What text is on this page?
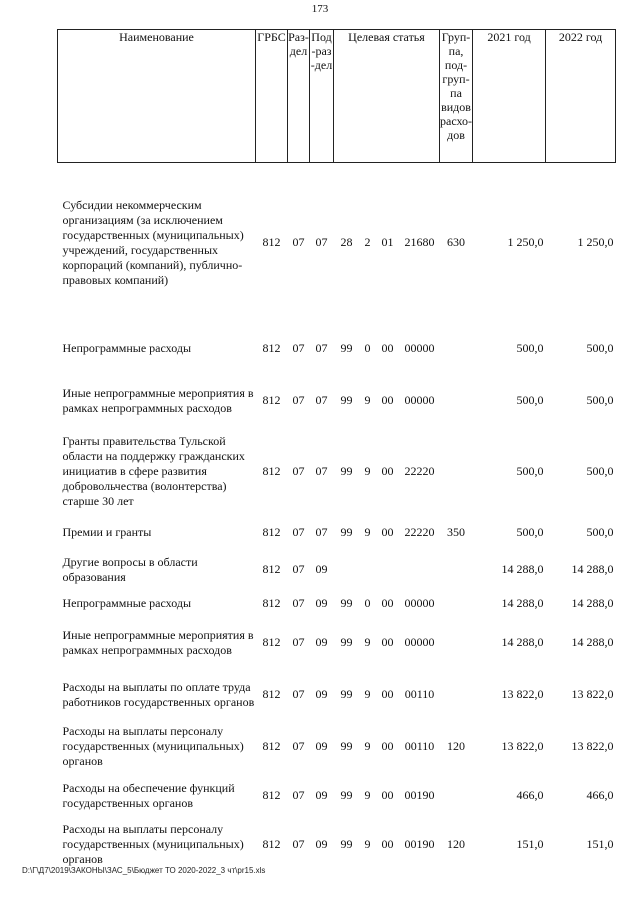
173
Наименование	ГРБС	Раз-дел	Под-раз-дел	Целевая статья				Груп-па, под-груп-па видов расхо-дов	2021 год	2022 год
Субсидии некоммерческим организациям (за исключением государственных (муниципальных) учреждений, государственных корпораций (компаний), публично-правовых компаний)	812	07	07	28	2	01	21680	630	1 250,0	1 250,0
Непрограммные расходы	812	07	07	99	0	00	00000		500,0	500,0
Иные непрограммные мероприятия в рамках непрограммных расходов	812	07	07	99	9	00	00000		500,0	500,0
Гранты правительства Тульской области на поддержку гражданских инициатив в сфере развития добровольчества (волонтерства) старше 30 лет	812	07	07	99	9	00	22220		500,0	500,0
Премии и гранты	812	07	07	99	9	00	22220	350	500,0	500,0
Другие вопросы в области образования	812	07	09						14 288,0	14 288,0
Непрограммные расходы	812	07	09	99	0	00	00000		14 288,0	14 288,0
Иные непрограммные мероприятия в рамках непрограммных расходов	812	07	09	99	9	00	00000		14 288,0	14 288,0
Расходы на выплаты по оплате труда работников государственных органов	812	07	09	99	9	00	00110		13 822,0	13 822,0
Расходы на выплаты персоналу государственных (муниципальных) органов	812	07	09	99	9	00	00110	120	13 822,0	13 822,0
Расходы на обеспечение функций государственных органов	812	07	09	99	9	00	00190		466,0	466,0
Расходы на выплаты персоналу государственных (муниципальных) органов	812	07	09	99	9	00	00190	120	151,0	151,0
D:\Г\Д7\2019\ЗАКОНЫ\ЗАС_5\Бюджет ТО 2020-2022_3 чт\pr15.xls
